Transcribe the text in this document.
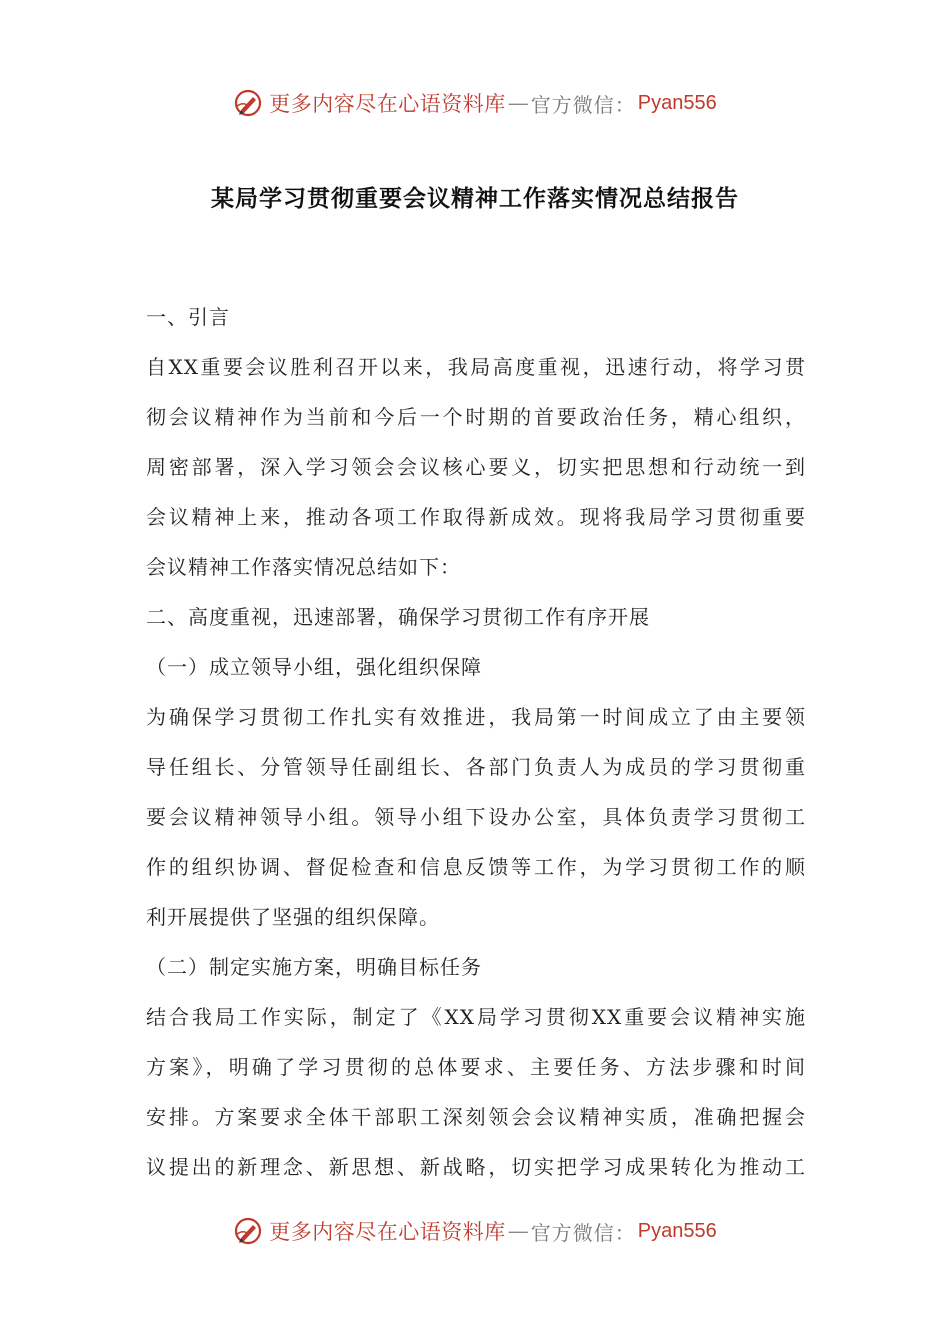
更多内容尽在心语资料库 — 官方微信： Pyan556
某局学习贯彻重要会议精神工作落实情况总结报告
一、引言
自XX重要会议胜利召开以来，我局高度重视，迅速行动，将学习贯
彻会议精神作为当前和今后一个时期的首要政治任务，精心组织，
周密部署，深入学习领会会议核心要义，切实把思想和行动统一到
会议精神上来，推动各项工作取得新成效。现将我局学习贯彻重要
会议精神工作落实情况总结如下：
二、高度重视，迅速部署，确保学习贯彻工作有序开展
（一）成立领导小组，强化组织保障
为确保学习贯彻工作扎实有效推进，我局第一时间成立了由主要领
导任组长、分管领导任副组长、各部门负责人为成员的学习贯彻重
要会议精神领导小组。领导小组下设办公室，具体负责学习贯彻工
作的组织协调、督促检查和信息反馈等工作，为学习贯彻工作的顺
利开展提供了坚强的组织保障。
（二）制定实施方案，明确目标任务
结合我局工作实际，制定了《XX局学习贯彻XX重要会议精神实施
方案》，明确了学习贯彻的总体要求、主要任务、方法步骤和时间
安排。方案要求全体干部职工深刻领会会议精神实质，准确把握会
议提出的新理念、新思想、新战略，切实把学习成果转化为推动工
更多内容尽在心语资料库 — 官方微信： Pyan556
